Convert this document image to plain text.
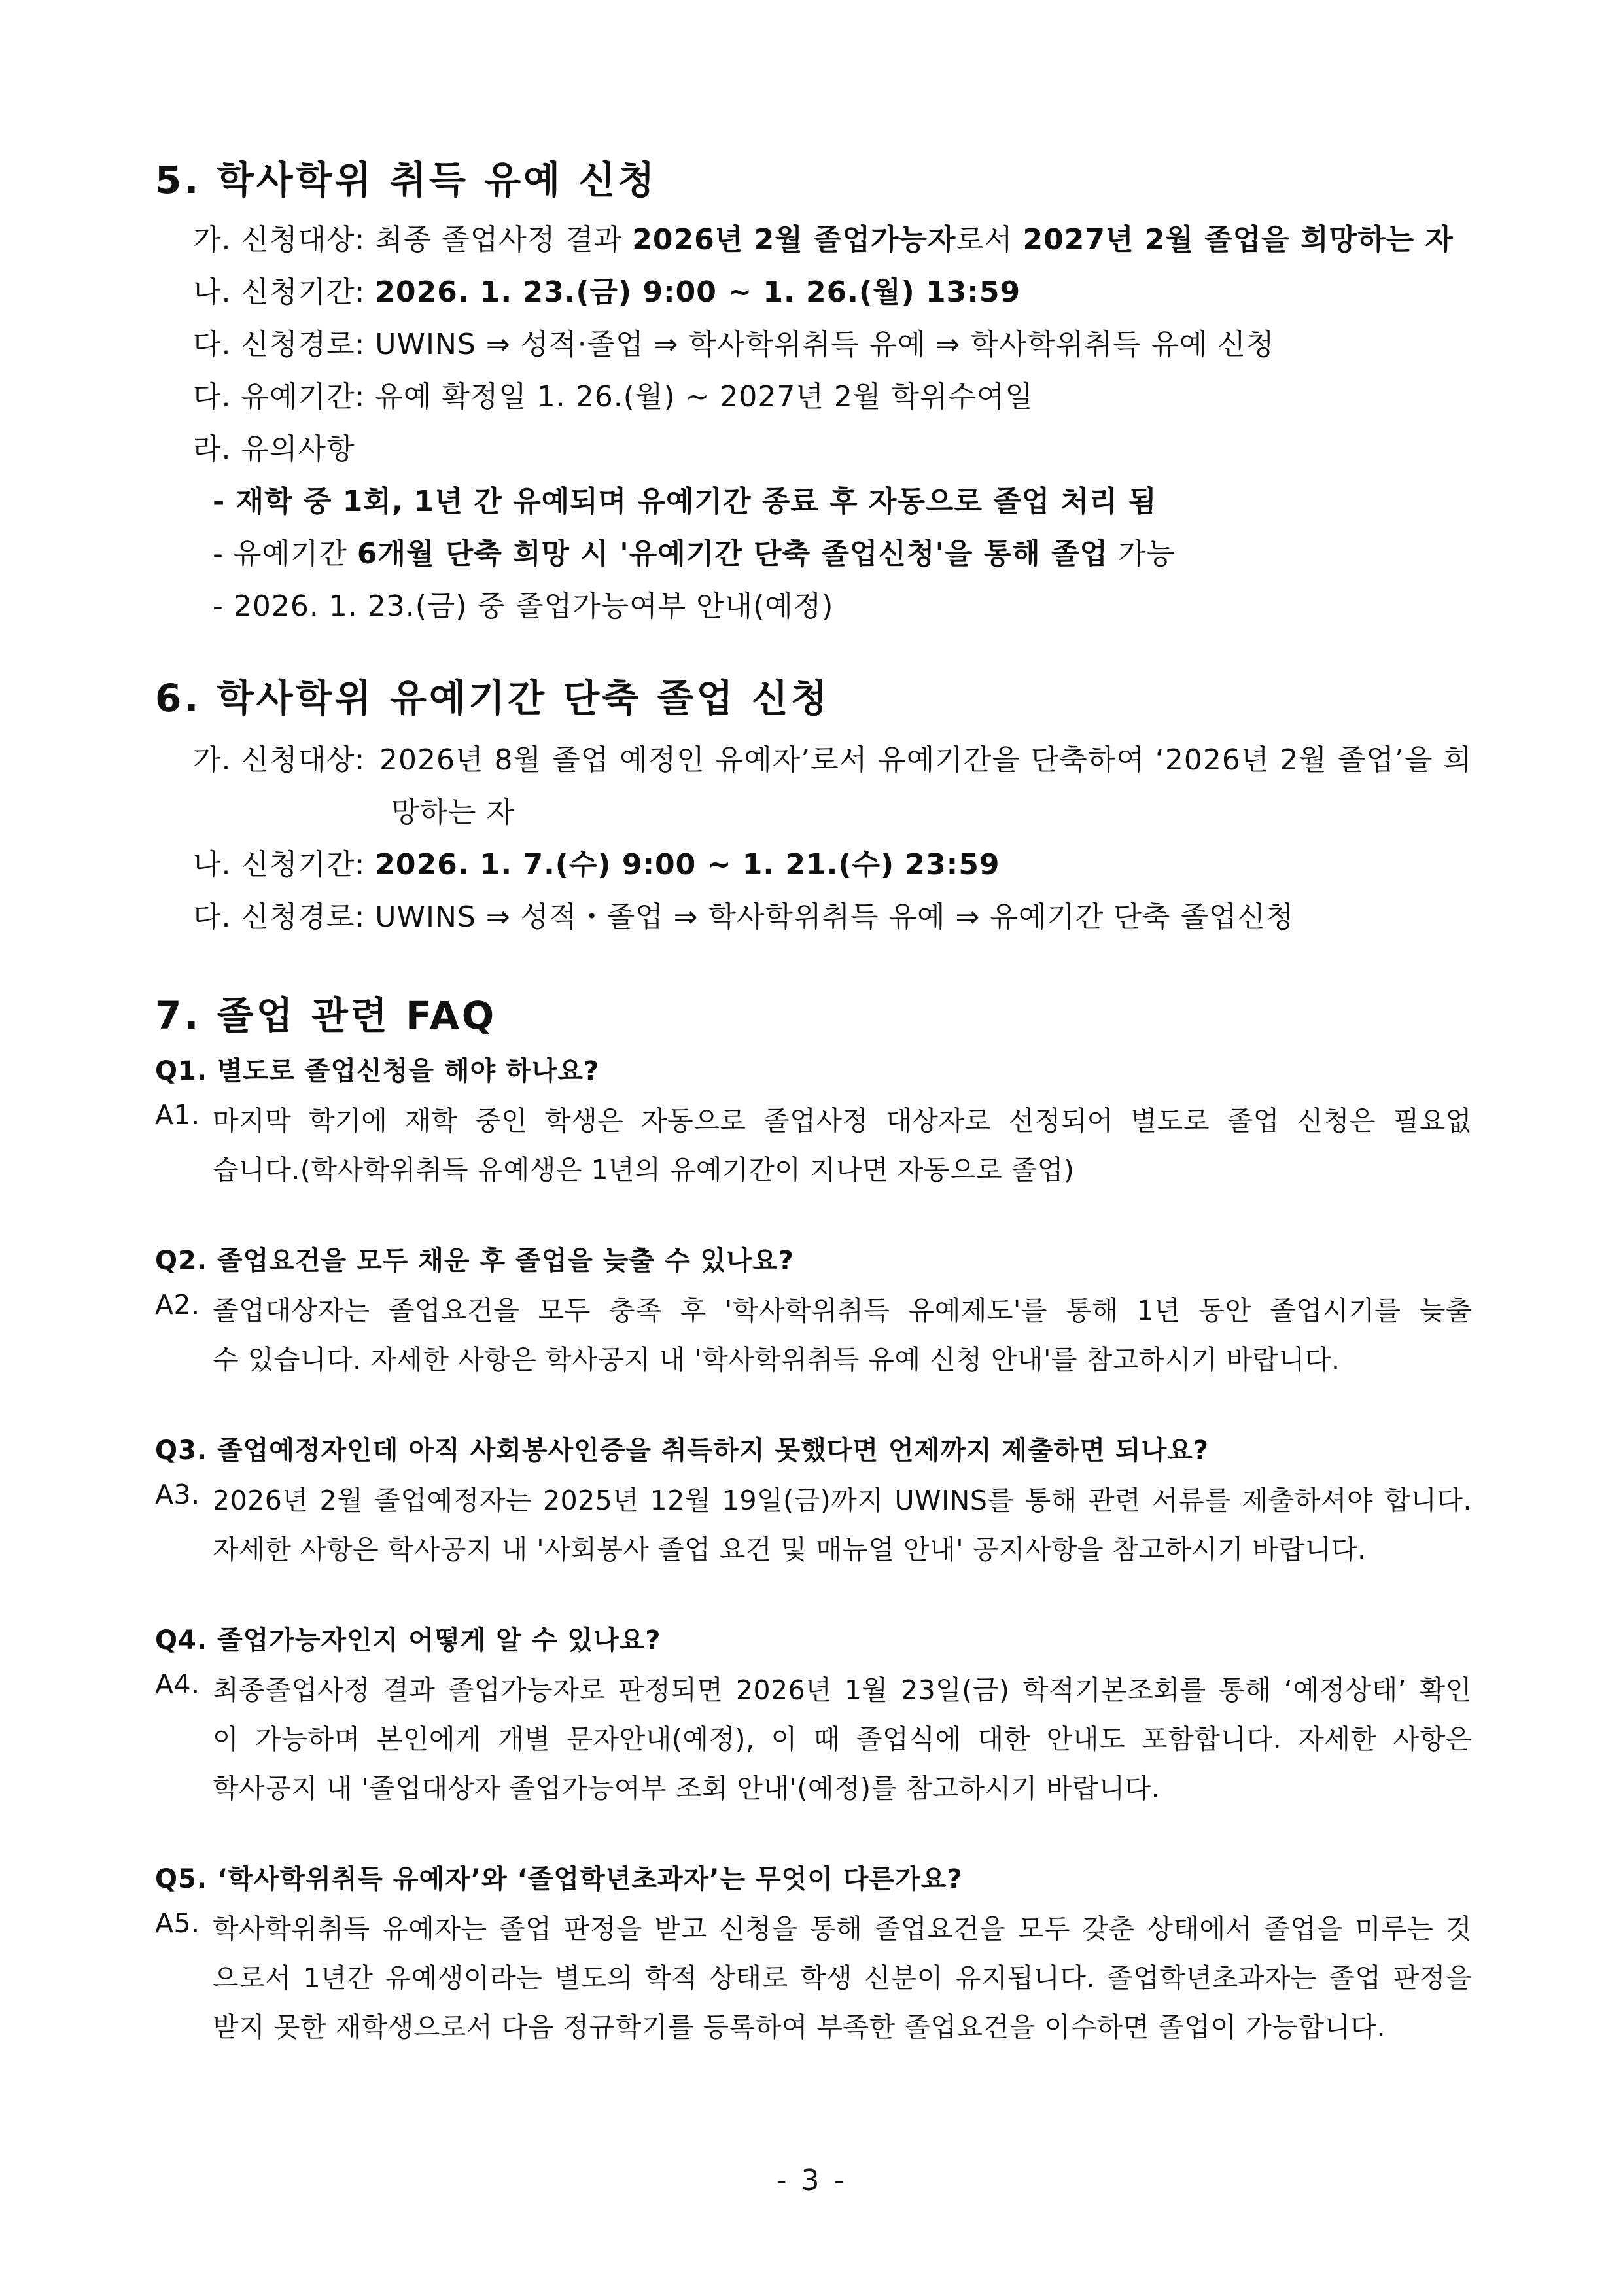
5. 학사학위 취득 유예 신청

가. 신청대상: 최종 졸업사정 결과 2026년 2월 졸업가능자로서 2027년 2월 졸업을 희망하는 자

나. 신청기간: 2026. 1. 23.(금) 9:00 ~ 1. 26.(월) 13:59

다. 신청경로: UWINS ⇒ 성적·졸업 ⇒ 학사학위취득 유예 ⇒ 학사학위취득 유예 신청

다. 유예기간: 유예 확정일 1. 26.(월) ~ 2027년 2월 학위수여일

라. 유의사항

- 재학 중 1회, 1년 간 유예되며 유예기간 종료 후 자동으로 졸업 처리 됨

- 유예기간 6개월 단축 희망 시 '유예기간 단축 졸업신청'을 통해 졸업 가능

- 2026. 1. 23.(금) 중 졸업가능여부 안내(예정)

6. 학사학위 유예기간 단축 졸업 신청

가. 신청대상: 2026년 8월 졸업 예정인 유예자’로서 유예기간을 단축하여 ‘2026년 2월 졸업’을 희

망하는 자

나. 신청기간: 2026. 1. 7.(수) 9:00 ~ 1. 21.(수) 23:59

다. 신청경로: UWINS ⇒ 성적・졸업 ⇒ 학사학위취득 유예 ⇒ 유예기간 단축 졸업신청

7. 졸업 관련 FAQ

Q1. 별도로 졸업신청을 해야 하나요?

A1. 마지막 학기에 재학 중인 학생은 자동으로 졸업사정 대상자로 선정되어 별도로 졸업 신청은 필요없

습니다.(학사학위취득 유예생은 1년의 유예기간이 지나면 자동으로 졸업)

Q2. 졸업요건을 모두 채운 후 졸업을 늦출 수 있나요?

A2. 졸업대상자는 졸업요건을 모두 충족 후 '학사학위취득 유예제도'를 통해 1년 동안 졸업시기를 늦출

수 있습니다. 자세한 사항은 학사공지 내 '학사학위취득 유예 신청 안내'를 참고하시기 바랍니다.

Q3. 졸업예정자인데 아직 사회봉사인증을 취득하지 못했다면 언제까지 제출하면 되나요?

A3. 2026년 2월 졸업예정자는 2025년 12월 19일(금)까지 UWINS를 통해 관련 서류를 제출하셔야 합니다.

자세한 사항은 학사공지 내 '사회봉사 졸업 요건 및 매뉴얼 안내' 공지사항을 참고하시기 바랍니다.

Q4. 졸업가능자인지 어떻게 알 수 있나요?

A4. 최종졸업사정 결과 졸업가능자로 판정되면 2026년 1월 23일(금) 학적기본조회를 통해 ‘예정상태’ 확인

이 가능하며 본인에게 개별 문자안내(예정), 이 때 졸업식에 대한 안내도 포함합니다. 자세한 사항은

학사공지 내 '졸업대상자 졸업가능여부 조회 안내'(예정)를 참고하시기 바랍니다.

Q5. ‘학사학위취득 유예자’와 ‘졸업학년초과자’는 무엇이 다른가요?

A5. 학사학위취득 유예자는 졸업 판정을 받고 신청을 통해 졸업요건을 모두 갖춘 상태에서 졸업을 미루는 것

으로서 1년간 유예생이라는 별도의 학적 상태로 학생 신분이 유지됩니다. 졸업학년초과자는 졸업 판정을

받지 못한 재학생으로서 다음 정규학기를 등록하여 부족한 졸업요건을 이수하면 졸업이 가능합니다.

- 3 -
